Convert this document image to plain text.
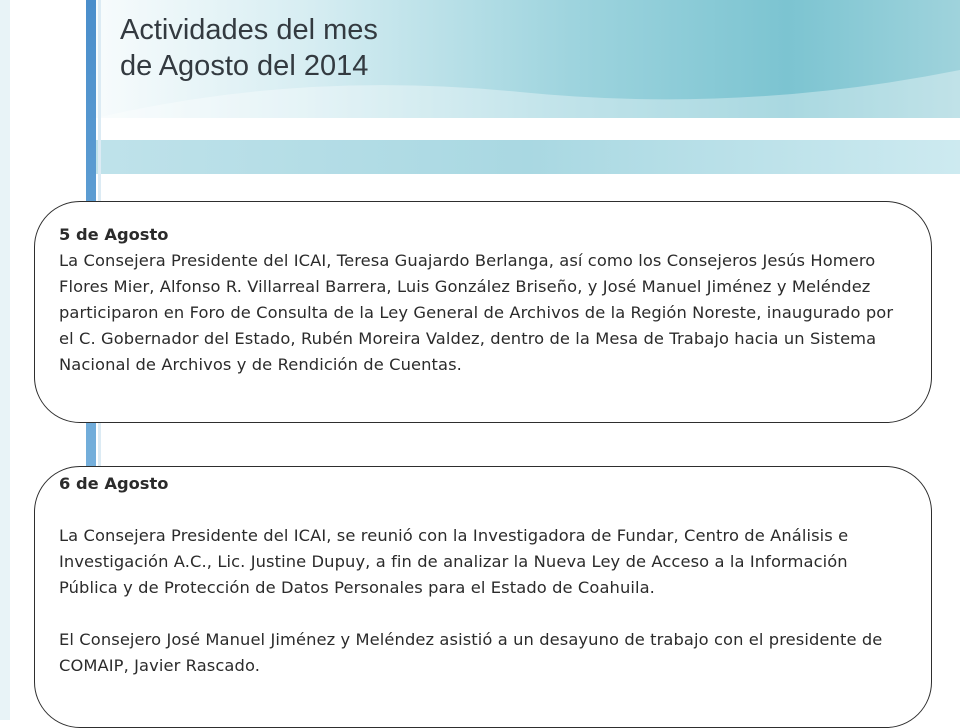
Actividades del mes
de Agosto del 2014
5 de Agosto

La Consejera Presidente del ICAI, Teresa Guajardo Berlanga, así como los Consejeros Jesús Homero Flores Mier, Alfonso R. Villarreal Barrera, Luis González Briseño, y José Manuel Jiménez y Meléndez participaron en Foro de Consulta de la Ley General de Archivos de la Región Noreste, inaugurado por el C. Gobernador del Estado, Rubén Moreira Valdez, dentro de la Mesa de Trabajo hacia un Sistema Nacional de Archivos y de Rendición de Cuentas.

6 de Agosto

La Consejera Presidente del ICAI, se reunió con la Investigadora de Fundar, Centro de Análisis e Investigación A.C., Lic. Justine Dupuy, a fin de analizar la Nueva Ley de Acceso a la Información Pública y de Protección de Datos Personales para el Estado de Coahuila.

El Consejero José Manuel Jiménez y Meléndez asistió a un desayuno de trabajo con el presidente de COMAIP, Javier Rascado.
